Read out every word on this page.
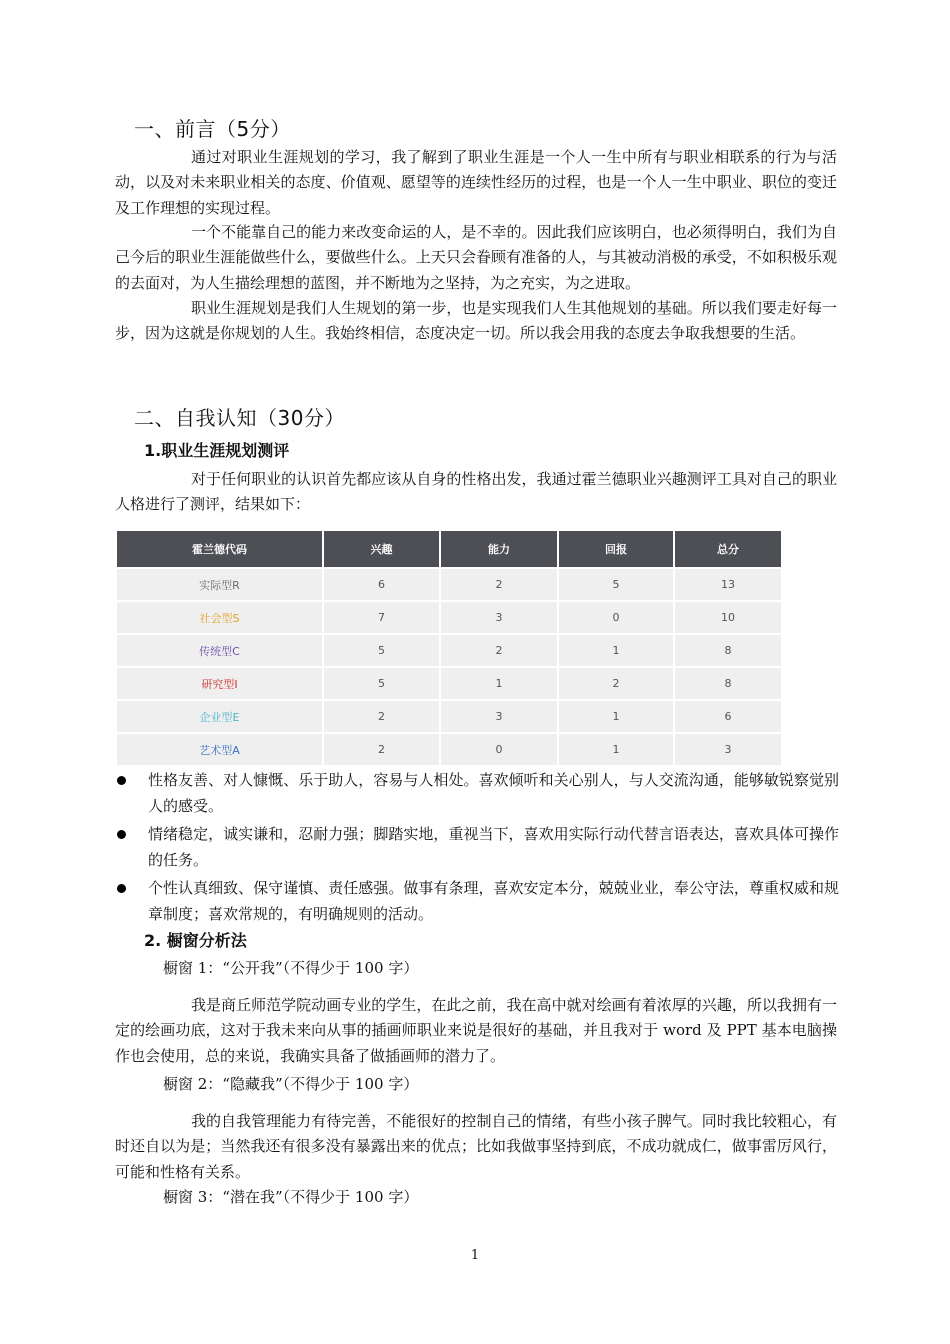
一、前言（5分）

通过对职业生涯规划的学习，我了解到了职业生涯是一个人一生中所有与职业相联系的行为与活动，以及对未来职业相关的态度、价值观、愿望等的连续性经历的过程，也是一个人一生中职业、职位的变迁及工作理想的实现过程。

一个不能靠自己的能力来改变命运的人，是不幸的。因此我们应该明白，也必须得明白，我们为自己今后的职业生涯能做些什么，要做些什么。上天只会眷顾有准备的人，与其被动消极的承受，不如积极乐观的去面对，为人生描绘理想的蓝图，并不断地为之坚持，为之充实，为之进取。

职业生涯规划是我们人生规划的第一步，也是实现我们人生其他规划的基础。所以我们要走好每一步，因为这就是你规划的人生。我始终相信，态度决定一切。所以我会用我的态度去争取我想要的生活。

二、自我认知（30分）
1.职业生涯规划测评

对于任何职业的认识首先都应该从自身的性格出发，我通过霍兰德职业兴趣测评工具对自己的职业人格进行了测评，结果如下：

霍兰德代码	兴趣	能力	回报	总分
实际型R	6	2	5	13
社会型S	7	3	0	10
传统型C	5	2	1	8
研究型I	5	1	2	8
企业型E	2	3	1	6
艺术型A	2	0	1	3
性格友善、对人慷慨、乐于助人，容易与人相处。喜欢倾听和关心别人，与人交流沟通，能够敏锐察觉别人的感受。
情绪稳定，诚实谦和，忍耐力强；脚踏实地，重视当下，喜欢用实际行动代替言语表达，喜欢具体可操作的任务。
个性认真细致、保守谨慎、责任感强。做事有条理，喜欢安定本分，兢兢业业，奉公守法，尊重权威和规章制度；喜欢常规的，有明确规则的活动。
2. 橱窗分析法

橱窗 1：“公开我”（不得少于 100 字）

我是商丘师范学院动画专业的学生，在此之前，我在高中就对绘画有着浓厚的兴趣，所以我拥有一定的绘画功底，这对于我未来向从事的插画师职业来说是很好的基础，并且我对于 word 及 PPT 基本电脑操作也会使用，总的来说，我确实具备了做插画师的潜力了。

橱窗 2：“隐藏我”（不得少于 100 字）

我的自我管理能力有待完善，不能很好的控制自己的情绪，有些小孩子脾气。同时我比较粗心，有时还自以为是；当然我还有很多没有暴露出来的优点；比如我做事坚持到底，不成功就成仁，做事雷厉风行，可能和性格有关系。

橱窗 3：“潜在我”（不得少于 100 字）

1
